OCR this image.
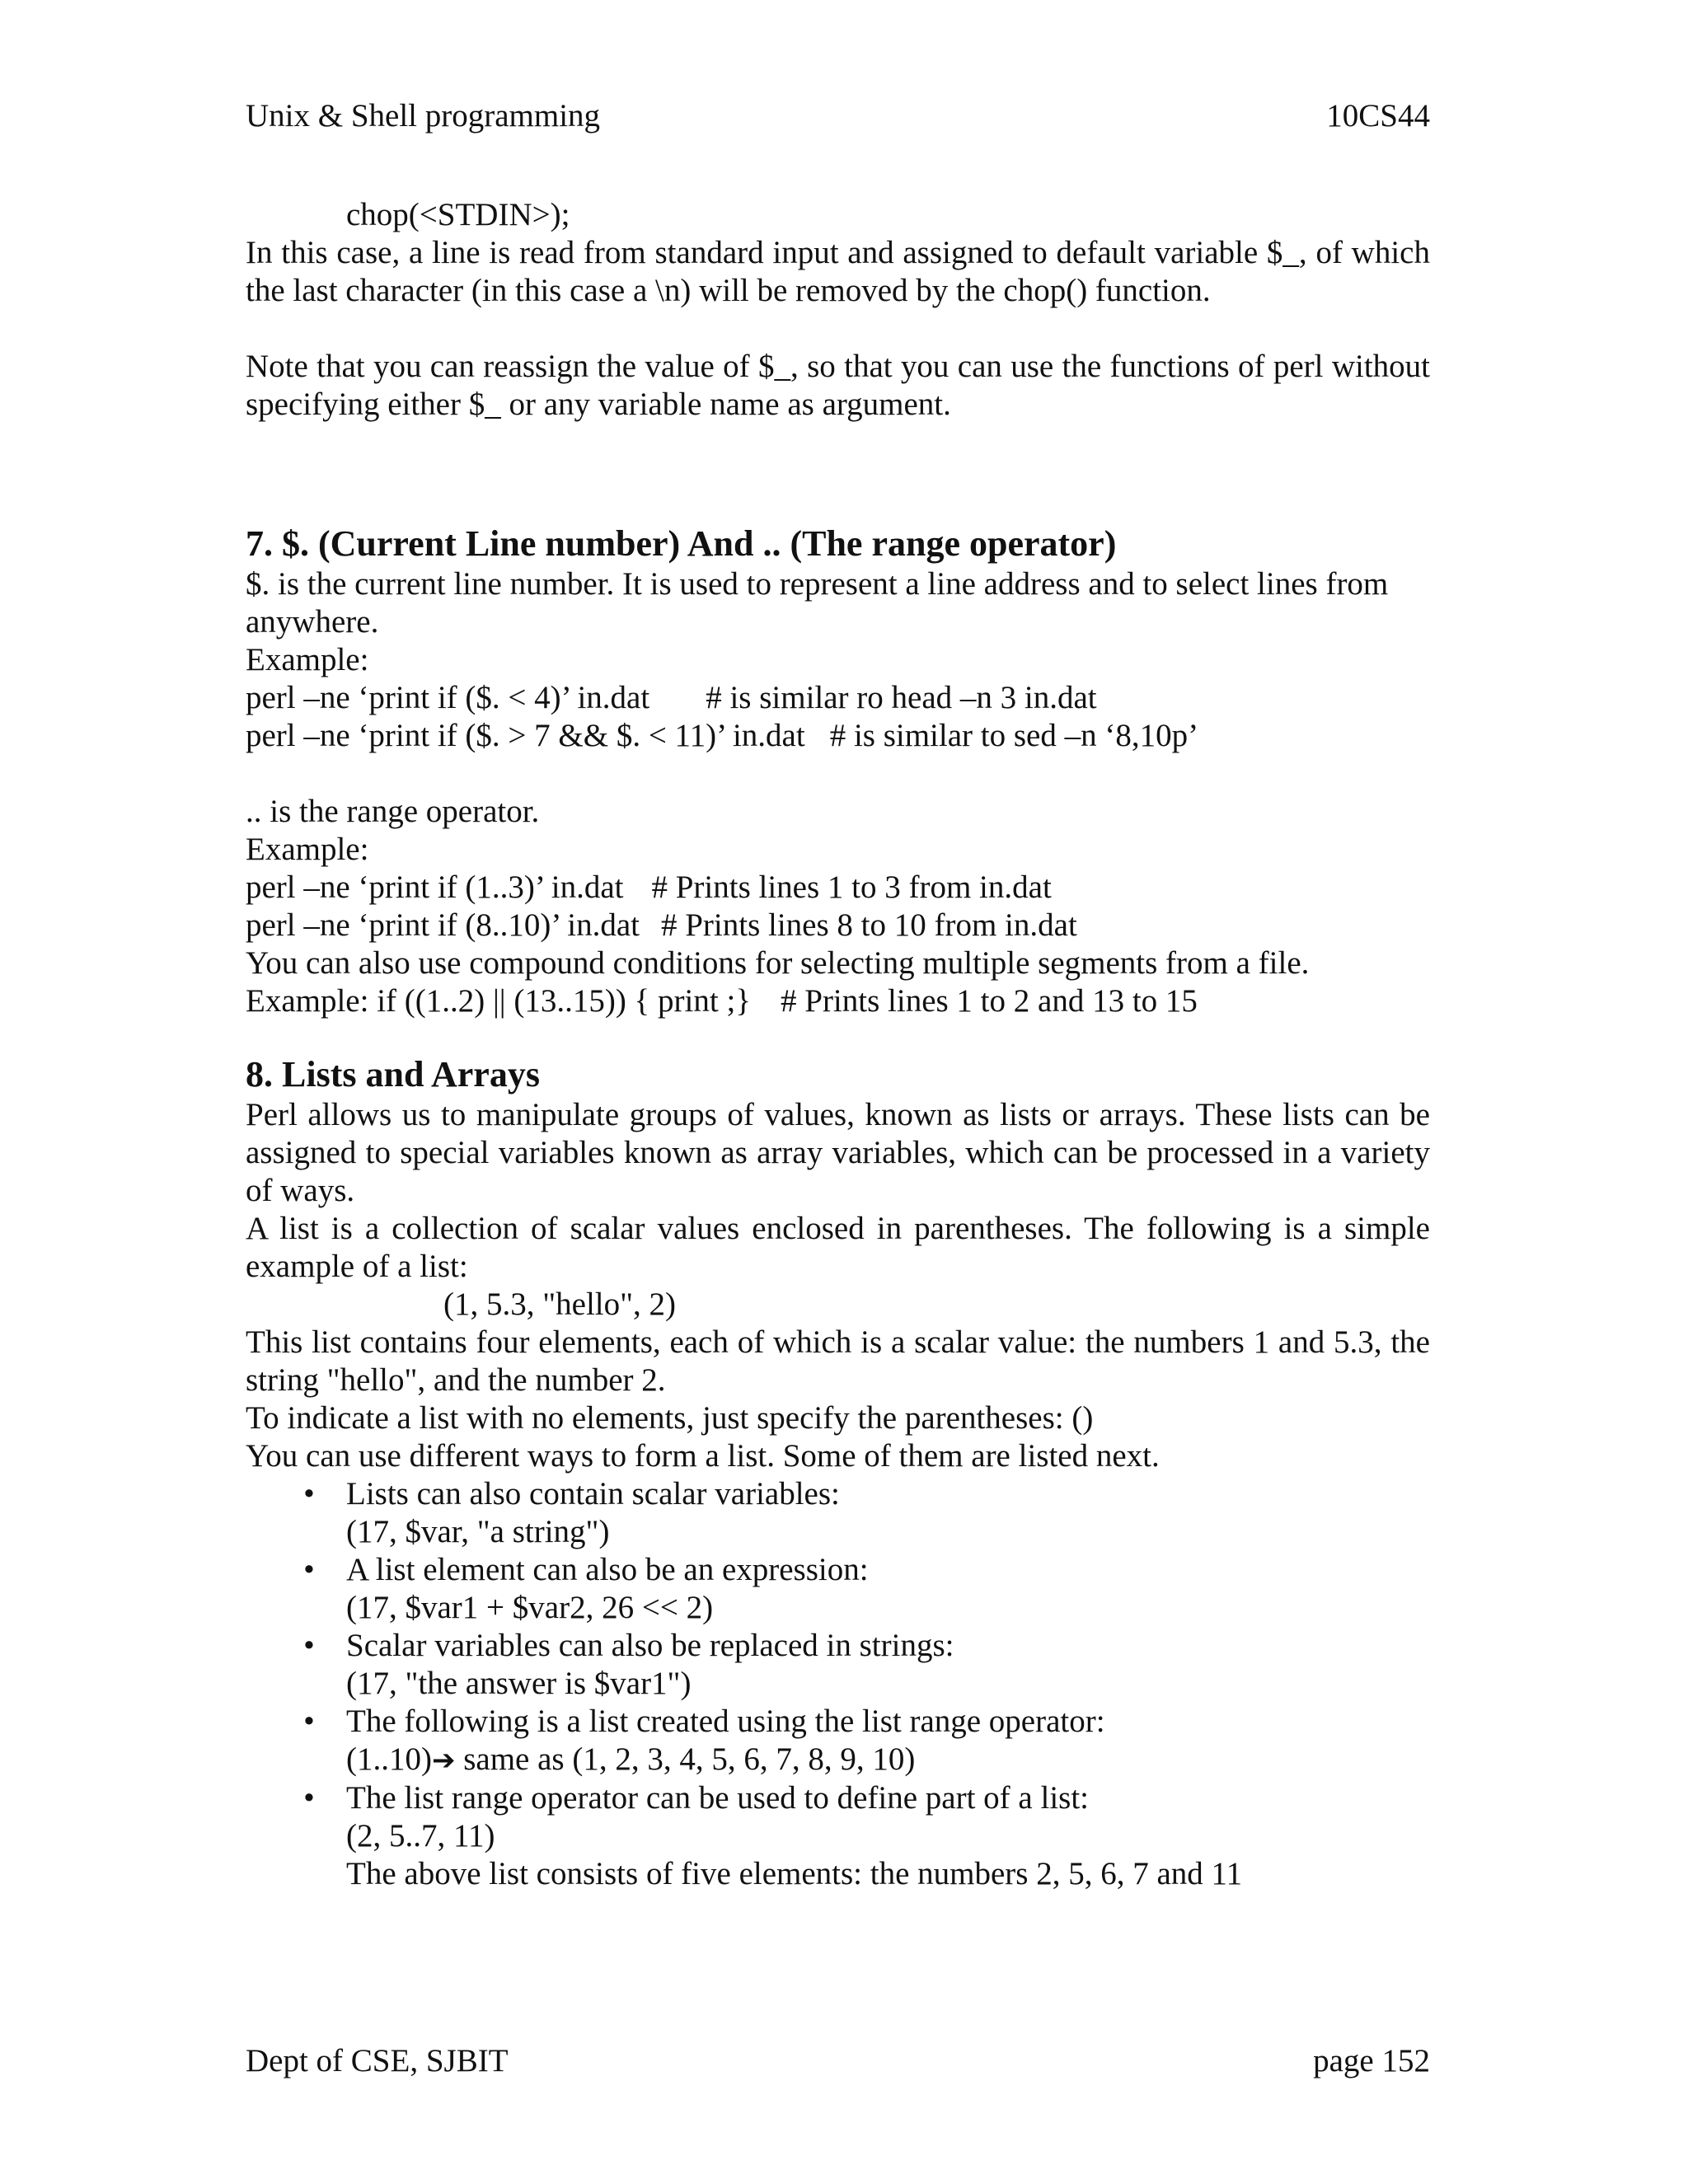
Unix & Shell programming	10CS44
chop(<STDIN>);
In this case, a line is read from standard input and assigned to default variable $_, of which the last character (in this case a \n) will be removed by the chop() function.
Note that you can reassign the value of $_, so that you can use the functions of perl without specifying either $_ or any variable name as argument.
7. $. (Current Line number) And .. (The range operator)
$. is the current line number. It is used to represent a line address and to select lines from anywhere.
Example:
perl –ne ‘print if ($. < 4)’ in.dat # is similar ro head –n 3 in.dat
perl –ne ‘print if ($. > 7 && $. < 11)’ in.dat # is similar to sed –n ‘8,10p’
.. is the range operator.
Example:
perl –ne ‘print if (1..3)’ in.dat # Prints lines 1 to 3 from in.dat
perl –ne ‘print if (8..10)’ in.dat # Prints lines 8 to 10 from in.dat
You can also use compound conditions for selecting multiple segments from a file.
Example: if ((1..2) || (13..15)) { print ;} # Prints lines 1 to 2 and 13 to 15
8. Lists and Arrays
Perl allows us to manipulate groups of values, known as lists or arrays. These lists can be assigned to special variables known as array variables, which can be processed in a variety of ways.
A list is a collection of scalar values enclosed in parentheses. The following is a simple example of a list:
(1, 5.3, "hello", 2)
This list contains four elements, each of which is a scalar value: the numbers 1 and 5.3, the string "hello", and the number 2.
To indicate a list with no elements, just specify the parentheses: ()
You can use different ways to form a list. Some of them are listed next.
• Lists can also contain scalar variables:
(17, $var, "a string")
• A list element can also be an expression:
(17, $var1 + $var2, 26 << 2)
• Scalar variables can also be replaced in strings:
(17, "the answer is $var1")
• The following is a list created using the list range operator:
(1..10)➔ same as (1, 2, 3, 4, 5, 6, 7, 8, 9, 10)
• The list range operator can be used to define part of a list:
(2, 5..7, 11)
The above list consists of five elements: the numbers 2, 5, 6, 7 and 11
Dept of CSE, SJBIT	page 152
